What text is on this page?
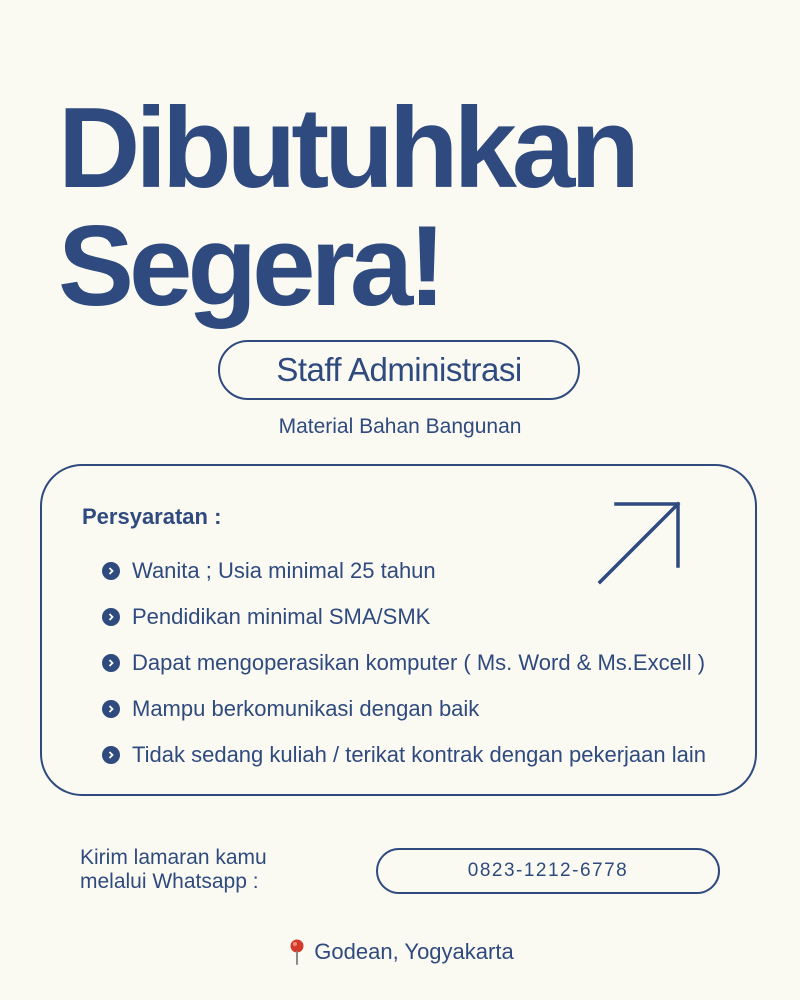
Dibutuhkan
Segera!
Staff Administrasi
Material Bahan Bangunan
Persyaratan :
Wanita ; Usia minimal 25 tahun
Pendidikan minimal SMA/SMK
Dapat mengoperasikan komputer ( Ms. Word & Ms.Excell )
Mampu berkomunikasi dengan baik
Tidak sedang kuliah / terikat kontrak dengan pekerjaan lain
Kirim lamaran kamu
melalui Whatsapp :	0823-1212-6778
Godean, Yogyakarta
